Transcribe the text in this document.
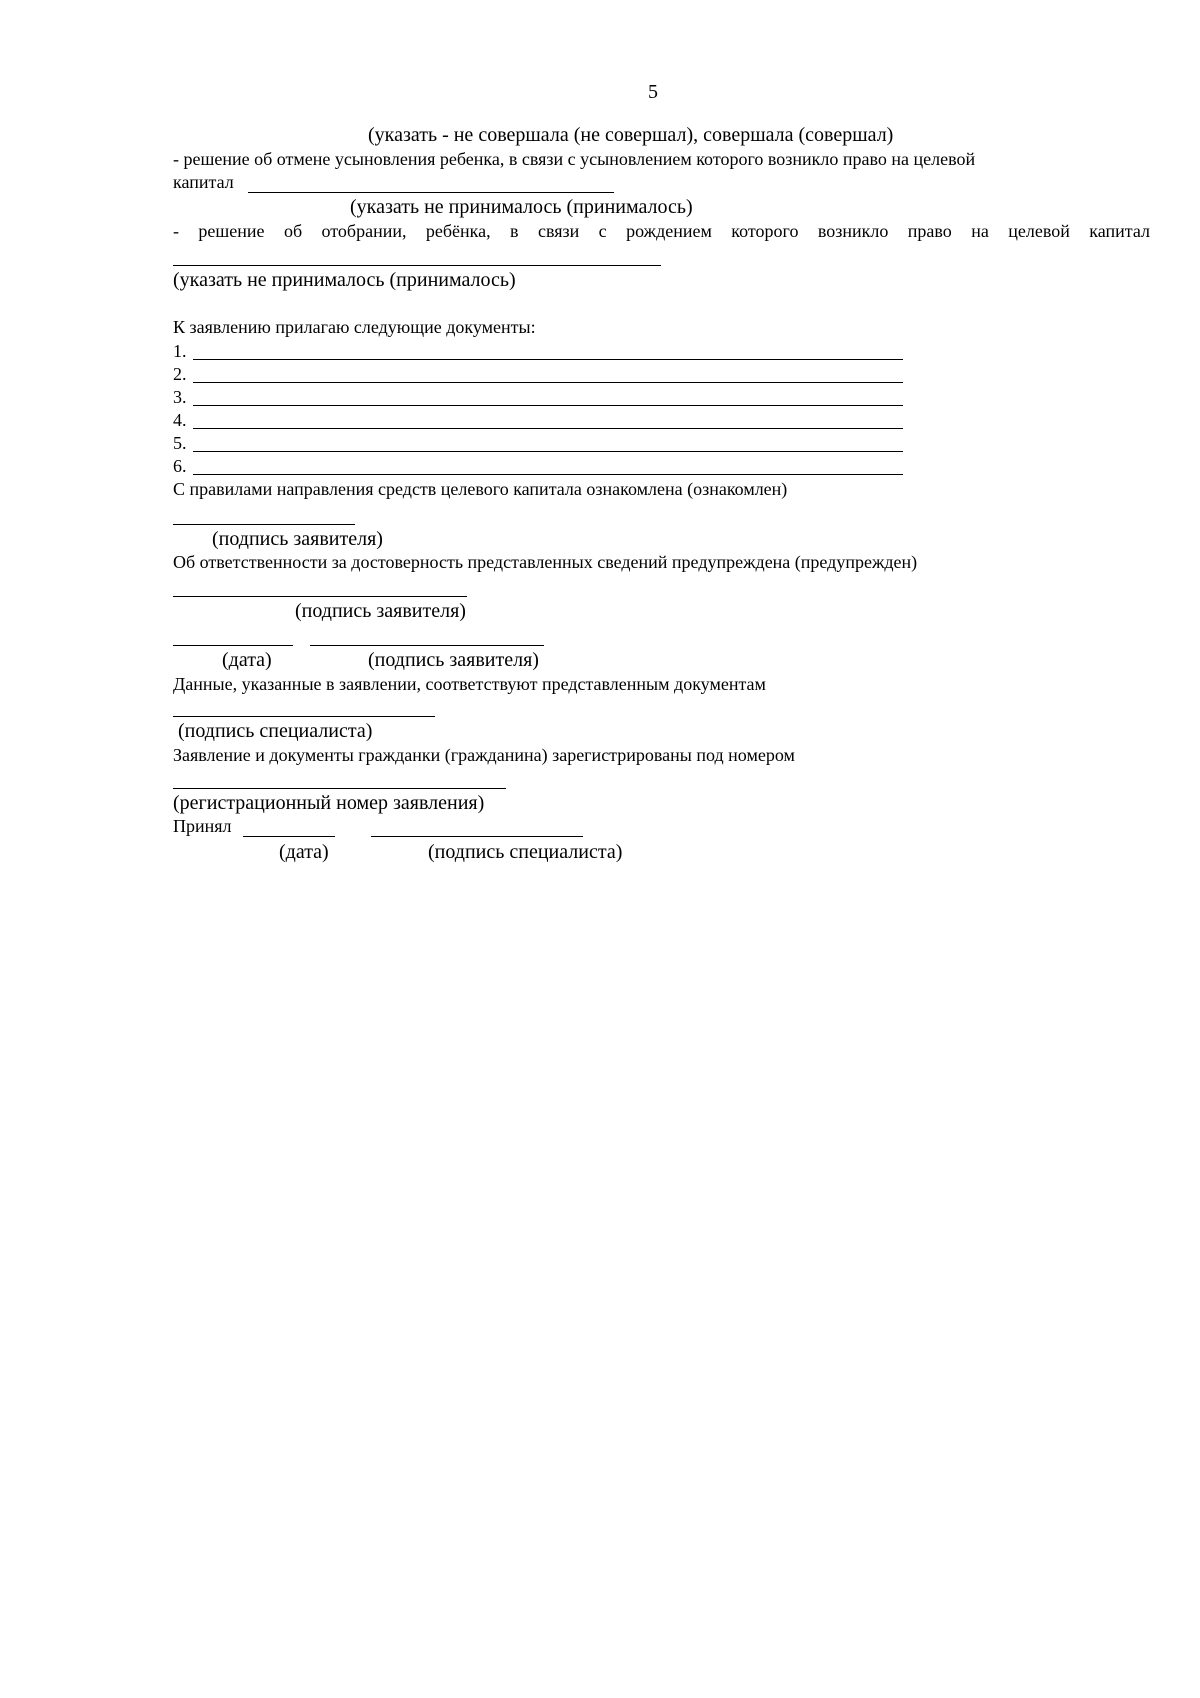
5
(указать - не совершала (не совершал), совершала (совершал)
- решение об отмене усыновления ребенка, в связи с усыновлением которого возникло право на целевой
капитал
(указать не принималось (принималось)
- решение об отобрании, ребёнка, в связи с рождением которого возникло право на целевой капитал
(указать не принималось (принималось)
К заявлению прилагаю следующие документы:
1.
2.
3.
4.
5.
6.
С правилами направления средств целевого капитала ознакомлена (ознакомлен)
(подпись заявителя)
Об ответственности за достоверность представленных сведений предупреждена (предупрежден)
(подпись заявителя)
(дата)	(подпись заявителя)
Данные, указанные в заявлении, соответствуют представленным документам
(подпись специалиста)
Заявление и документы гражданки (гражданина) зарегистрированы под номером
(регистрационный номер заявления)
Принял
(дата)	(подпись специалиста)
